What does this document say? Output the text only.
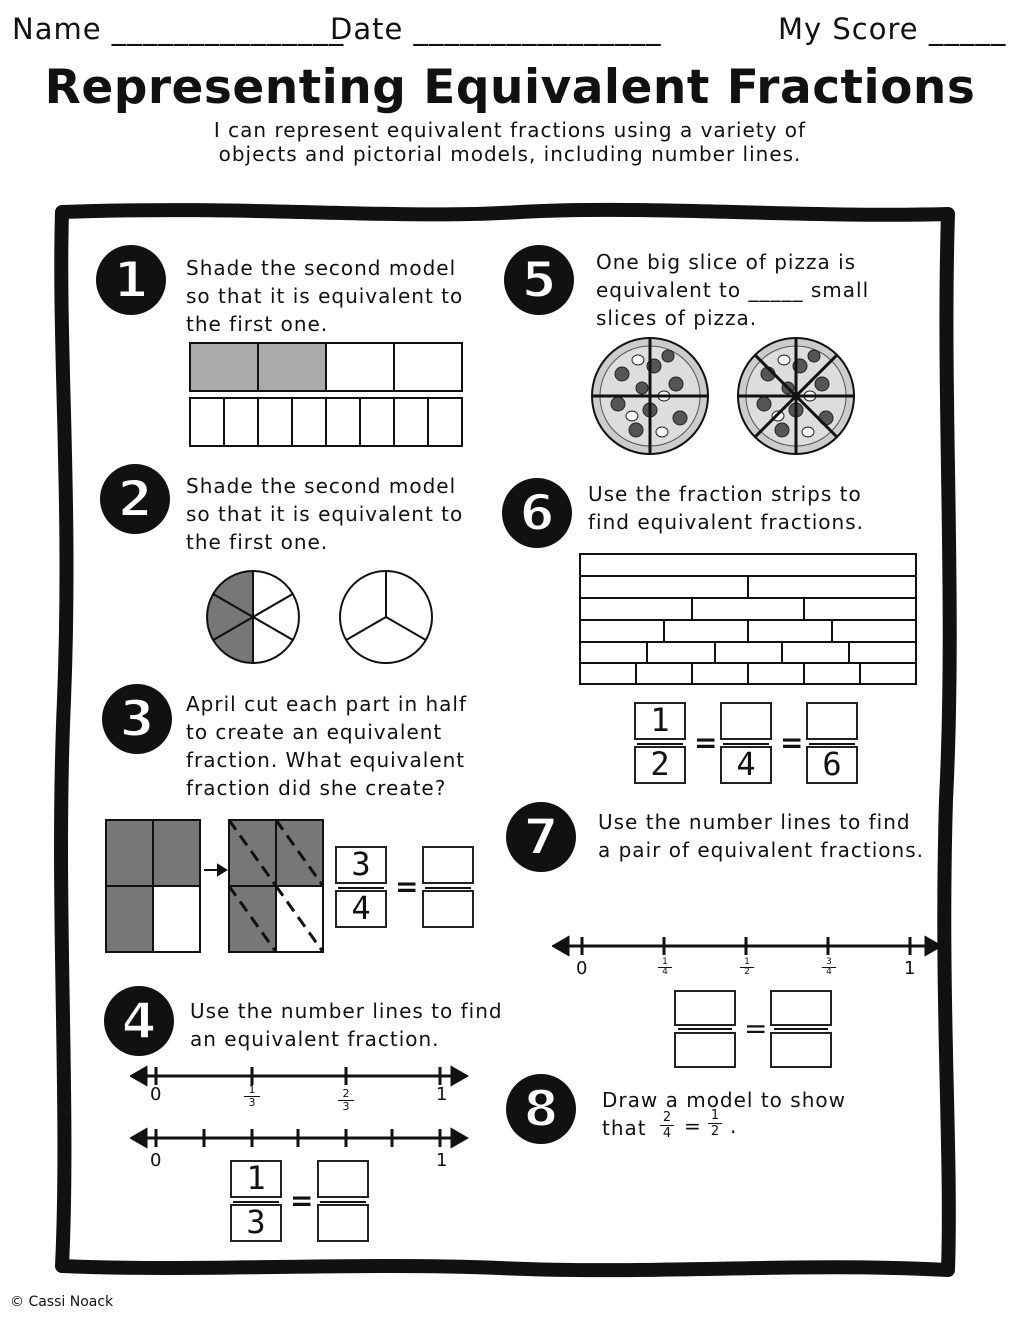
Name _______________
Date ________________	My Score _____
Representing Equivalent Fractions
I can represent equivalent fractions using a variety of
objects and pictorial models, including number lines.
1 Shade the second model
so that it is equivalent to
the first one.
2 Shade the second model
so that it is equivalent to
the first one.
3 April cut each part in half
to create an equivalent
fraction. What equivalent
fraction did she create?
3
4
=
4 Use the number lines to find
an equivalent fraction.
0	$\frac{1}{3}$	$\frac{2}{3}$	1
0	1
1
3
=
5 One big slice of pizza is
equivalent to _____ small
slices of pizza.
6 Use the fraction strips to
find equivalent fractions.
1
2
=
4
=
6
7 Use the number lines to find
a pair of equivalent fractions.
0	$\frac{1}{4}$	$\frac{1}{2}$	$\frac{3}{4}$	1
=
8 Draw a model to show
that $\frac{2}{4} = \frac{1}{2}$ .
© Cassi Noack
